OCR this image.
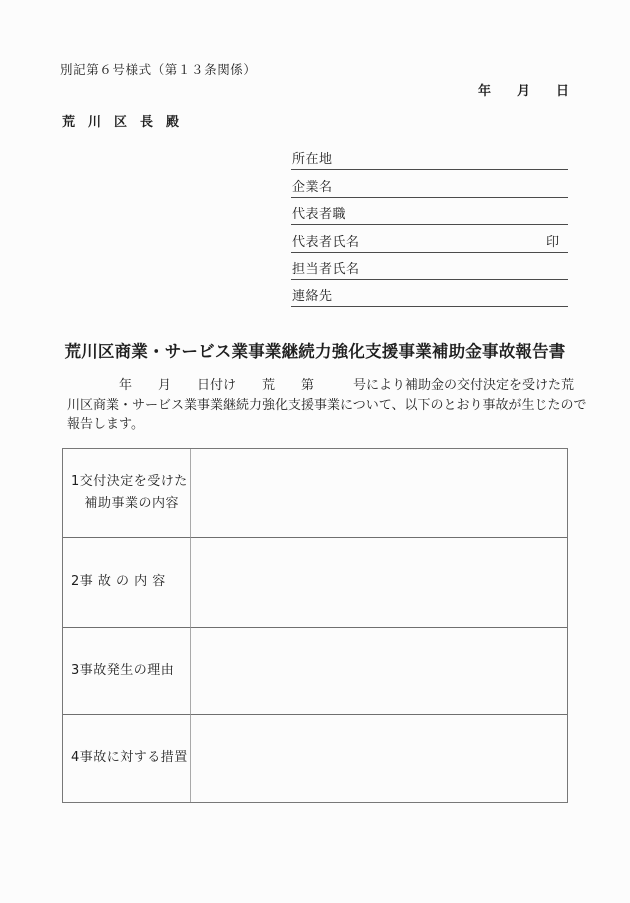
別記第６号様式（第１３条関係）
年　　月　　日
荒　川　区　長　殿
所在地
企業名
代表者職
代表者氏名	印
担当者氏名
連絡先
荒川区商業・サービス業事業継続力強化支援事業補助金事故報告書
　　　　年　　月　　日付け　　荒　　第　　　号により補助金の交付決定を受けた荒
川区商業・サービス業事業継続力強化支援事業について、以下のとおり事故が生じたので
報告します。
1交付決定を受けた
　補助事業の内容
2事 故 の 内 容
3事故発生の理由
4事故に対する措置
